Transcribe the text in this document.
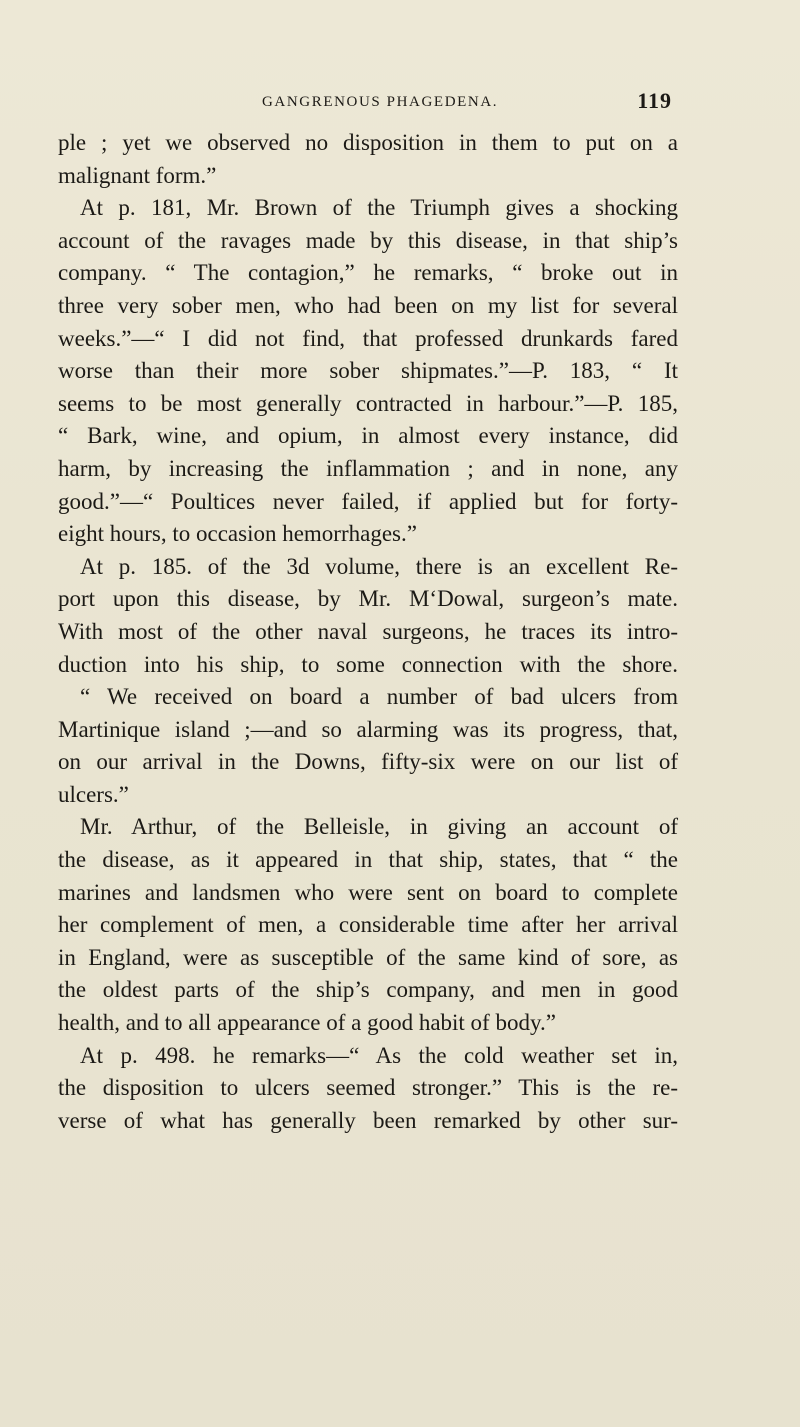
GANGRENOUS PHAGEDENA.	119
ple ; yet we observed no disposition in them to put on a
malignant form.”
At p. 181, Mr. Brown of the Triumph gives a shocking
account of the ravages made by this disease, in that ship’s
company. “ The contagion,” he remarks, “ broke out in
three very sober men, who had been on my list for several
weeks.”—“ I did not find, that professed drunkards fared
worse than their more sober shipmates.”—P. 183, “ It
seems to be most generally contracted in harbour.”—P. 185,
“ Bark, wine, and opium, in almost every instance, did
harm, by increasing the inflammation ; and in none, any
good.”—“ Poultices never failed, if applied but for forty-
eight hours, to occasion hemorrhages.”
At p. 185. of the 3d volume, there is an excellent Re-
port upon this disease, by Mr. M‘Dowal, surgeon’s mate.
With most of the other naval surgeons, he traces its intro-
duction into his ship, to some connection with the shore.
“ We received on board a number of bad ulcers from
Martinique island ;—and so alarming was its progress, that,
on our arrival in the Downs, fifty-six were on our list of
ulcers.”
Mr. Arthur, of the Belleisle, in giving an account of
the disease, as it appeared in that ship, states, that “ the
marines and landsmen who were sent on board to complete
her complement of men, a considerable time after her arrival
in England, were as susceptible of the same kind of sore, as
the oldest parts of the ship’s company, and men in good
health, and to all appearance of a good habit of body.”
At p. 498. he remarks—“ As the cold weather set in,
the disposition to ulcers seemed stronger.” This is the re-
verse of what has generally been remarked by other sur-
